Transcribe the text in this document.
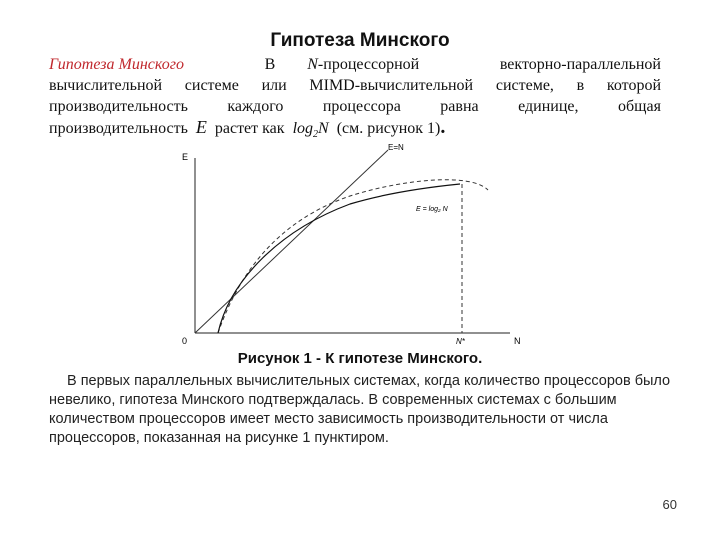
Гипотеза Минского
Гипотеза Минского	В N-процессорной	векторно-параллельной
вычислительной системе или MIMD-вычислительной системе, в которой
производительность каждого процессора равна единице, общая
производительность E растет как $\log_2N$ (см. рисунок 1).
E
N
0
E=N
E = log₂ N
N*
Рисунок 1 - К гипотезе Минского.
В первых параллельных вычислительных системах, когда количество процессоров было
невелико, гипотеза Минского подтверждалась. В современных системах с большим
количеством процессоров имеет место зависимость производительности от числа
процессоров, показанная на рисунке 1 пунктиром.
60
